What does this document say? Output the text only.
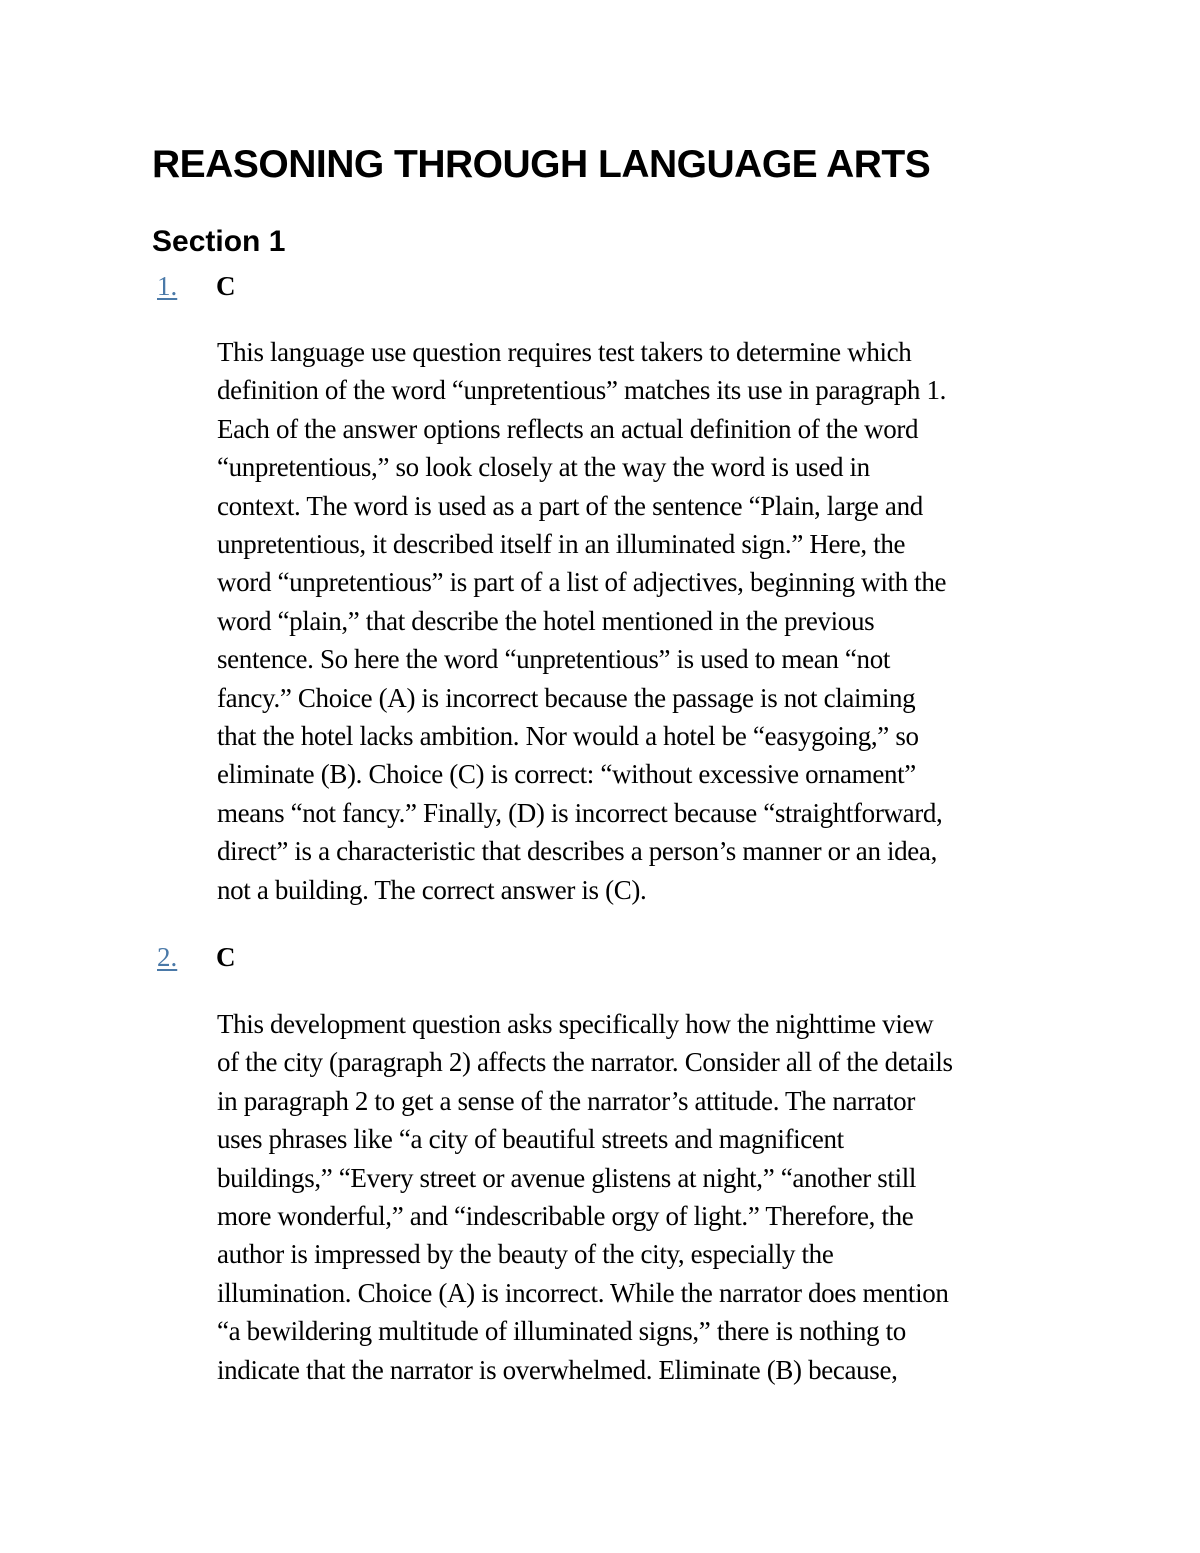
REASONING THROUGH LANGUAGE ARTS
Section 1
1. C
This language use question requires test takers to determine which
definition of the word “unpretentious” matches its use in paragraph 1.
Each of the answer options reflects an actual definition of the word
“unpretentious,” so look closely at the way the word is used in
context. The word is used as a part of the sentence “Plain, large and
unpretentious, it described itself in an illuminated sign.” Here, the
word “unpretentious” is part of a list of adjectives, beginning with the
word “plain,” that describe the hotel mentioned in the previous
sentence. So here the word “unpretentious” is used to mean “not
fancy.” Choice (A) is incorrect because the passage is not claiming
that the hotel lacks ambition. Nor would a hotel be “easygoing,” so
eliminate (B). Choice (C) is correct: “without excessive ornament”
means “not fancy.” Finally, (D) is incorrect because “straightforward,
direct” is a characteristic that describes a person’s manner or an idea,
not a building. The correct answer is (C).
2. C
This development question asks specifically how the nighttime view
of the city (paragraph 2) affects the narrator. Consider all of the details
in paragraph 2 to get a sense of the narrator’s attitude. The narrator
uses phrases like “a city of beautiful streets and magnificent
buildings,” “Every street or avenue glistens at night,” “another still
more wonderful,” and “indescribable orgy of light.” Therefore, the
author is impressed by the beauty of the city, especially the
illumination. Choice (A) is incorrect. While the narrator does mention
“a bewildering multitude of illuminated signs,” there is nothing to
indicate that the narrator is overwhelmed. Eliminate (B) because,
